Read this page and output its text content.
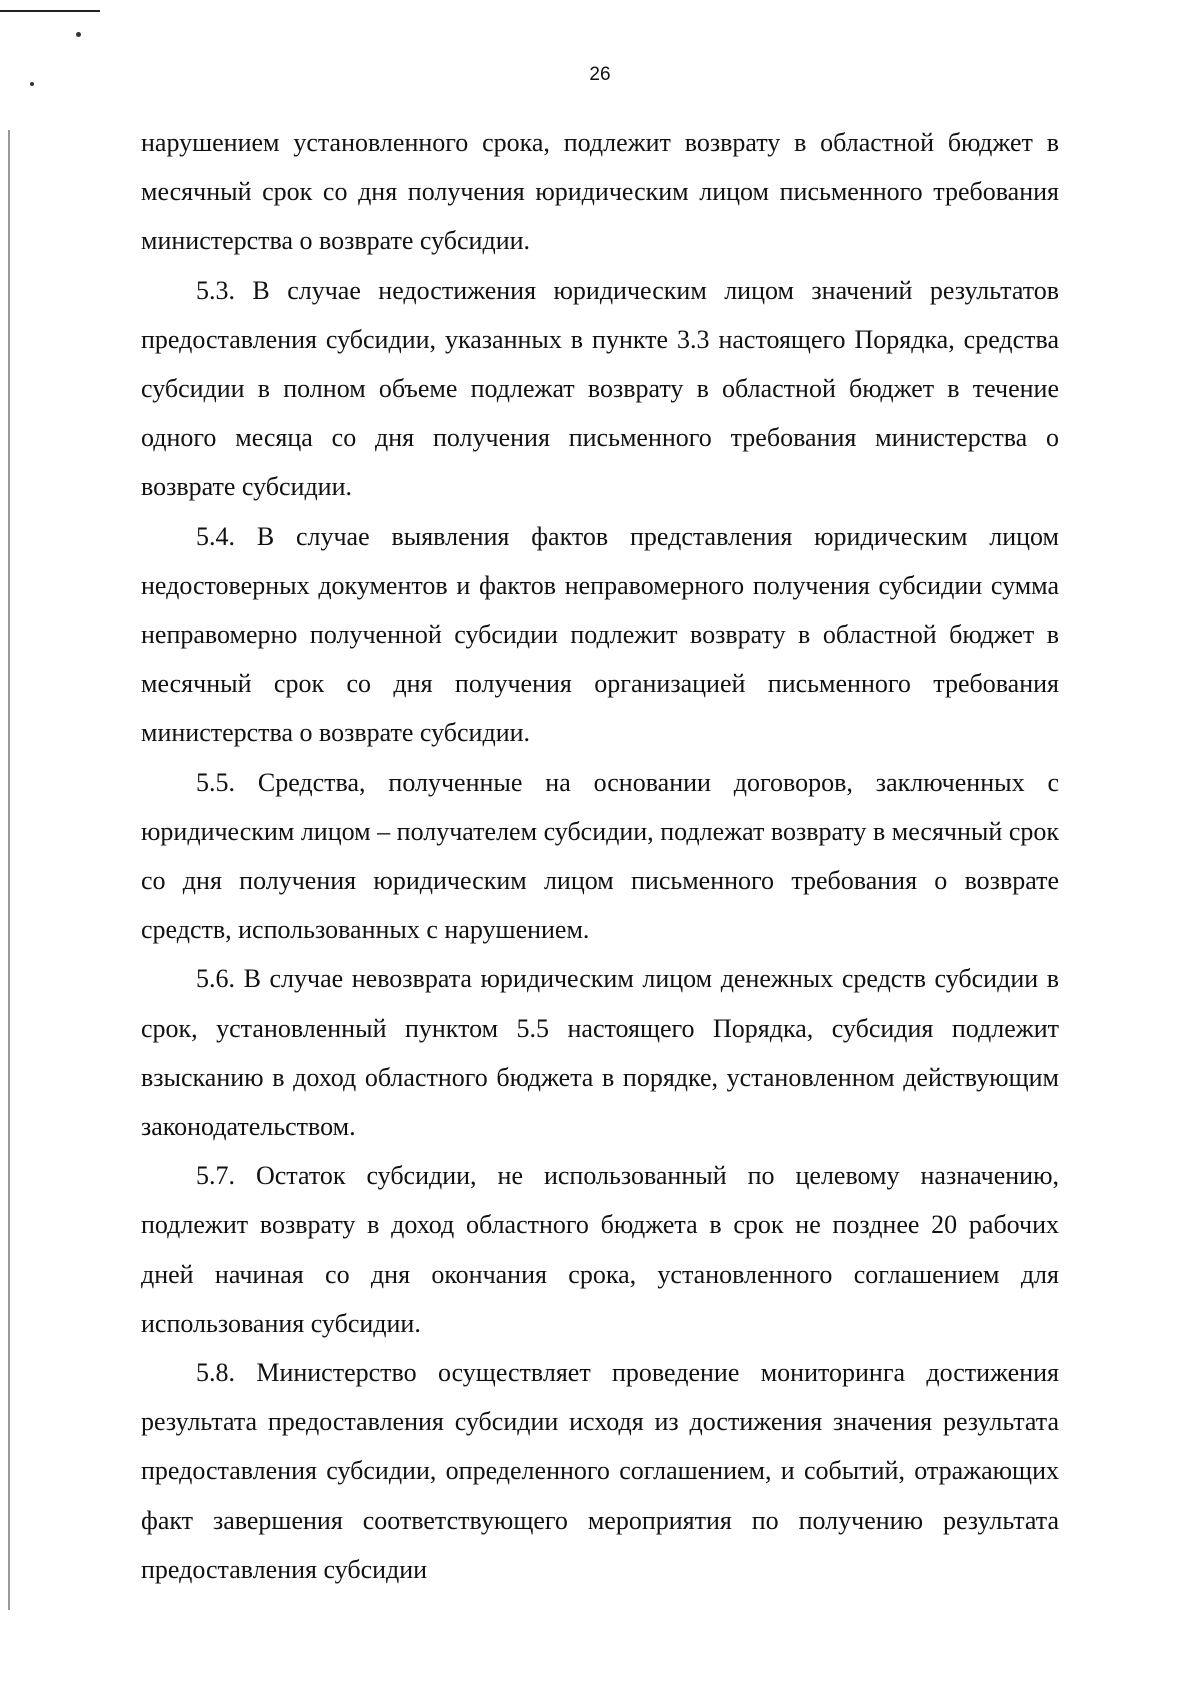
26

нарушением установленного срока, подлежит возврату в областной бюджет в месячный срок со дня получения юридическим лицом письменного требования министерства о возврате субсидии.

5.3. В случае недостижения юридическим лицом значений результатов предоставления субсидии, указанных в пункте 3.3 настоящего Порядка, средства субсидии в полном объеме подлежат возврату в областной бюджет в течение одного месяца со дня получения письменного требования министерства о возврате субсидии.

5.4. В случае выявления фактов представления юридическим лицом недостоверных документов и фактов неправомерного получения субсидии сумма неправомерно полученной субсидии подлежит возврату в областной бюджет в месячный срок со дня получения организацией письменного требования министерства о возврате субсидии.

5.5. Средства, полученные на основании договоров, заключенных с юридическим лицом – получателем субсидии, подлежат возврату в месячный срок со дня получения юридическим лицом письменного требования о возврате средств, использованных с нарушением.

5.6. В случае невозврата юридическим лицом денежных средств субсидии в срок, установленный пунктом 5.5 настоящего Порядка, субсидия подлежит взысканию в доход областного бюджета в порядке, установленном действующим законодательством.

5.7. Остаток субсидии, не использованный по целевому назначению, подлежит возврату в доход областного бюджета в срок не позднее 20 рабочих дней начиная со дня окончания срока, установленного соглашением для использования субсидии.

5.8. Министерство осуществляет проведение мониторинга достижения результата предоставления субсидии исходя из достижения значения результата предоставления субсидии, определенного соглашением, и событий, отражающих факт завершения соответствующего мероприятия по получению результата предоставления субсидии
